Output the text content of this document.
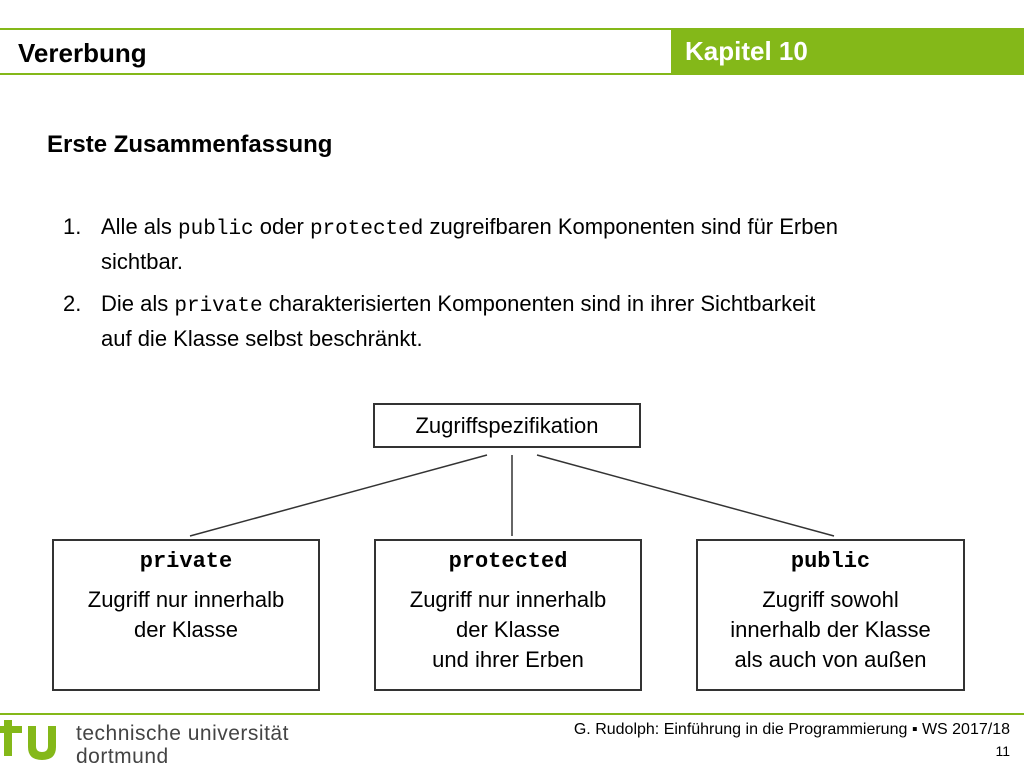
Vererbung	Kapitel 10
Erste Zusammenfassung
1. Alle als public oder protected zugreifbaren Komponenten sind für Erben sichtbar.
2. Die als private charakterisierten Komponenten sind in ihrer Sichtbarkeit auf die Klasse selbst beschränkt.
Zugriffspezifikation
private
Zugriff nur innerhalb
der Klasse
protected
Zugriff nur innerhalb
der Klasse
und ihrer Erben
public
Zugriff sowohl
innerhalb der Klasse
als auch von außen
technische universität
dortmund
G. Rudolph: Einführung in die Programmierung ▪ WS 2017/18
11
